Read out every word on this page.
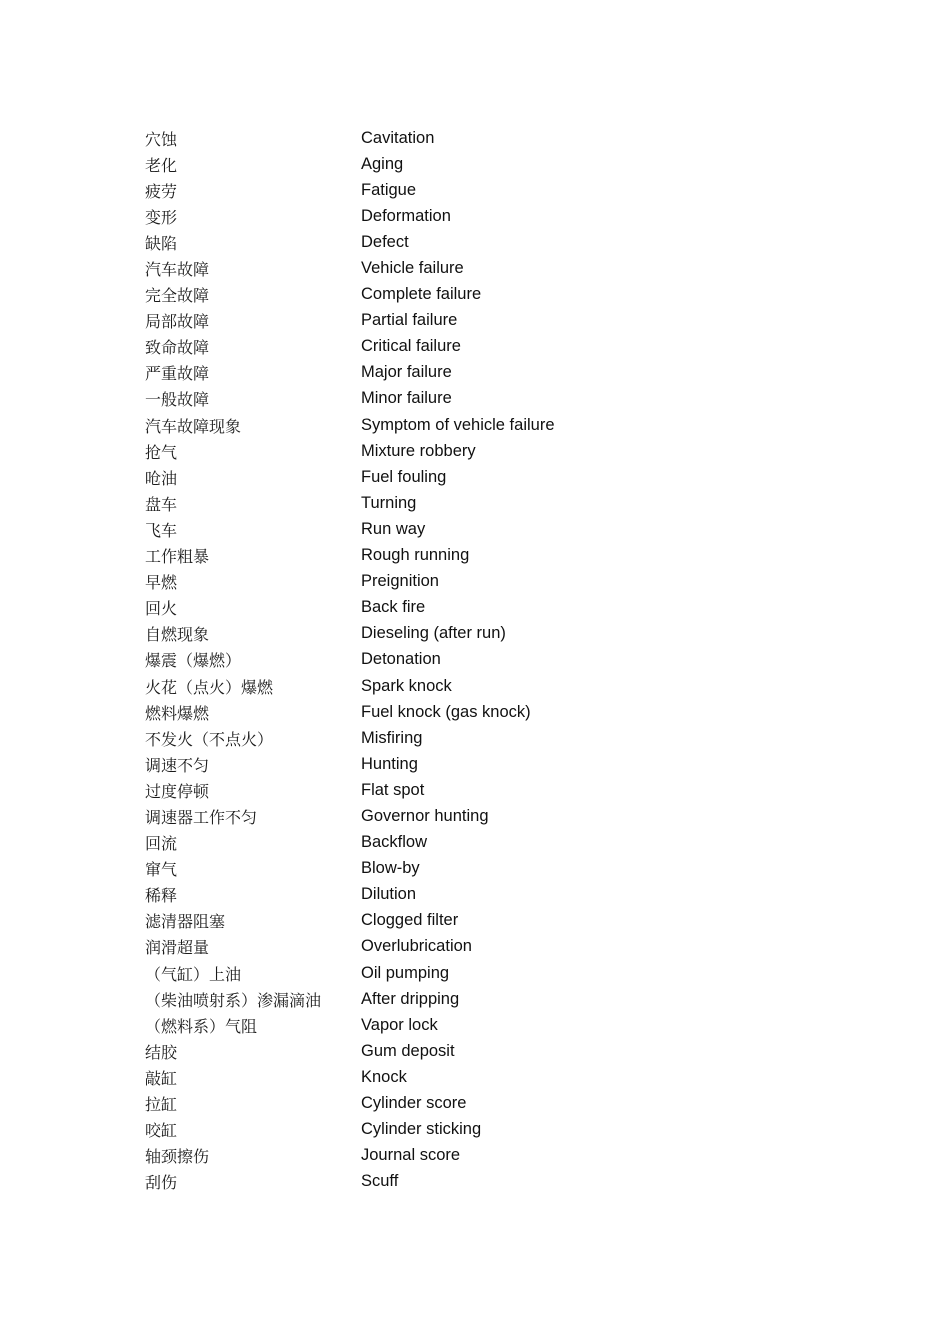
穴蚀	Cavitation
老化	Aging
疲劳	Fatigue
变形	Deformation
缺陷	Defect
汽车故障	Vehicle failure
完全故障	Complete failure
局部故障	Partial failure
致命故障	Critical failure
严重故障	Major failure
一般故障	Minor failure
汽车故障现象	Symptom of vehicle failure
抢气	Mixture robbery
呛油	Fuel fouling
盘车	Turning
飞车	Run way
工作粗暴	Rough running
早燃	Preignition
回火	Back fire
自燃现象	Dieseling (after run)
爆震（爆燃）	Detonation
火花（点火）爆燃	Spark knock
燃料爆燃	Fuel knock (gas knock)
不发火（不点火）	Misfiring
调速不匀	Hunting
过度停顿	Flat spot
调速器工作不匀	Governor hunting
回流	Backflow
窜气	Blow-by
稀释	Dilution
滤清器阻塞	Clogged filter
润滑超量	Overlubrication
（气缸）上油	Oil pumping
（柴油喷射系）渗漏滴油	After dripping
（燃料系）气阻	Vapor lock
结胶	Gum deposit
敲缸	Knock
拉缸	Cylinder score
咬缸	Cylinder sticking
轴颈擦伤	Journal score
刮伤	Scuff
